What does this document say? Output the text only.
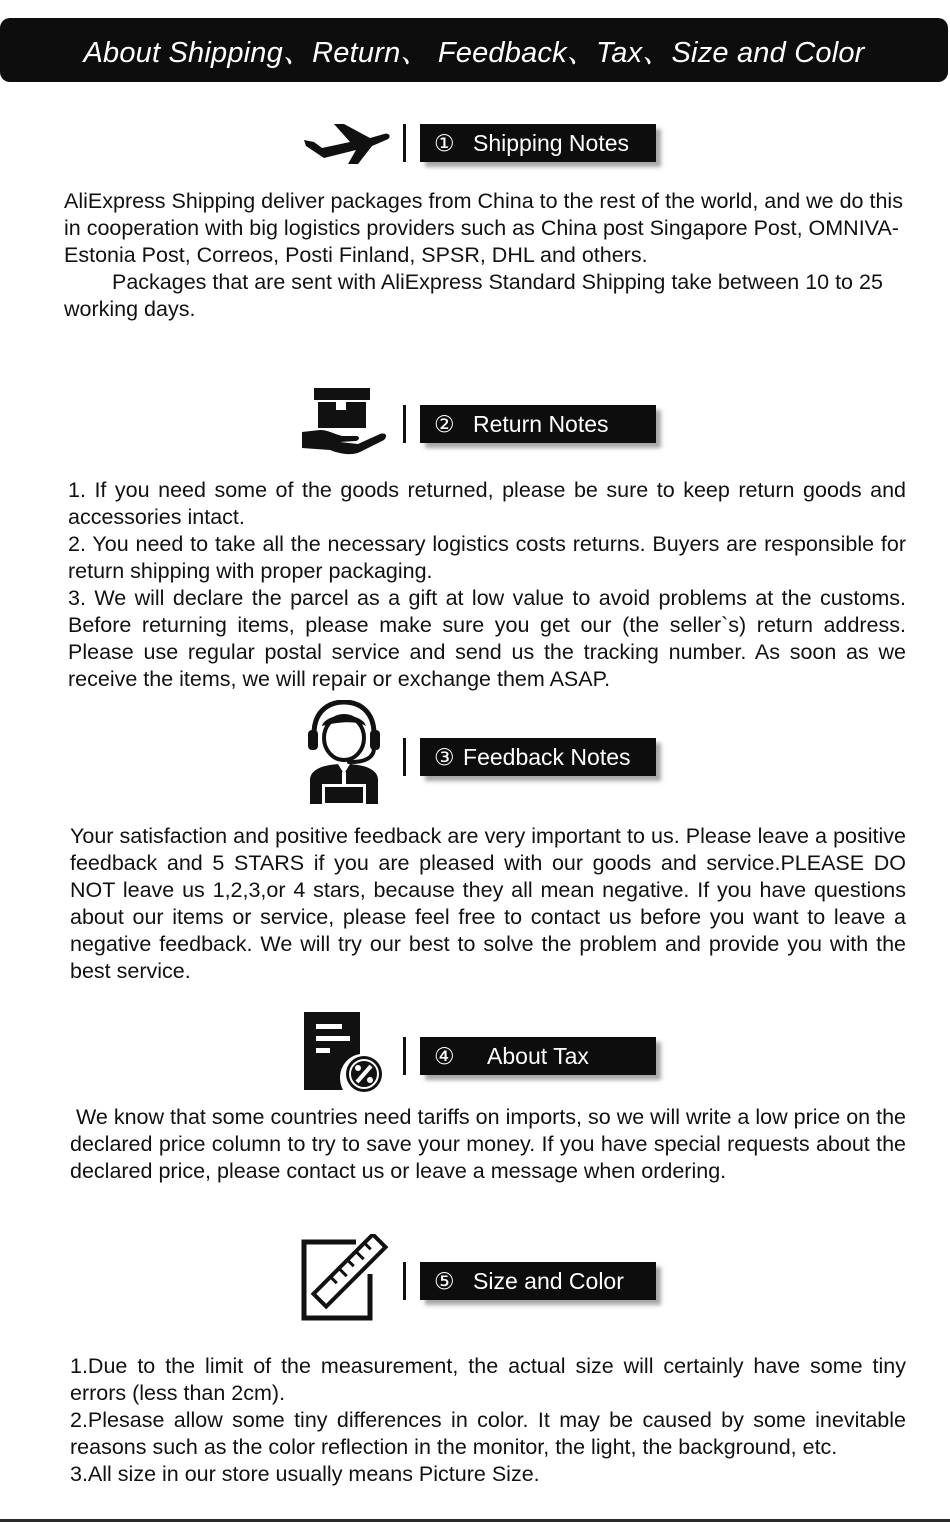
About Shipping、Return、 Feedback、Tax、Size and Color
① Shipping Notes

AliExpress Shipping deliver packages from China to the rest of the world, and we do this in cooperation with big logistics providers such as China post Singapore Post, OMNIVA-Estonia Post, Correos, Posti Finland, SPSR, DHL and others.

Packages that are sent with AliExpress Standard Shipping take between 10 to 25 working days.

② Return Notes

1. If you need some of the goods returned, please be sure to keep return goods and accessories intact.

2. You need to take all the necessary logistics costs returns. Buyers are responsible for return shipping with proper packaging.

3. We will declare the parcel as a gift at low value to avoid problems at the customs. Before returning items, please make sure you get our (the seller`s) return address. Please use regular postal service and send us the tracking number. As soon as we receive the items, we will repair or exchange them ASAP.

③ Feedback Notes

Your satisfaction and positive feedback are very important to us. Please leave a positive feedback and 5 STARS if you are pleased with our goods and service.PLEASE DO NOT leave us 1,2,3,or 4 stars, because they all mean negative. If you have questions about our items or service, please feel free to contact us before you want to leave a negative feedback. We will try our best to solve the problem and provide you with the best service.

④ About Tax

We know that some countries need tariffs on imports, so we will write a low price on the declared price column to try to save your money. If you have special requests about the declared price, please contact us or leave a message when ordering.

⑤ Size and Color

1.Due to the limit of the measurement, the actual size will certainly have some tiny errors (less than 2cm).

2.Plesase allow some tiny differences in color. It may be caused by some inevitable reasons such as the color reflection in the monitor, the light, the background, etc.

3.All size in our store usually means Picture Size.
